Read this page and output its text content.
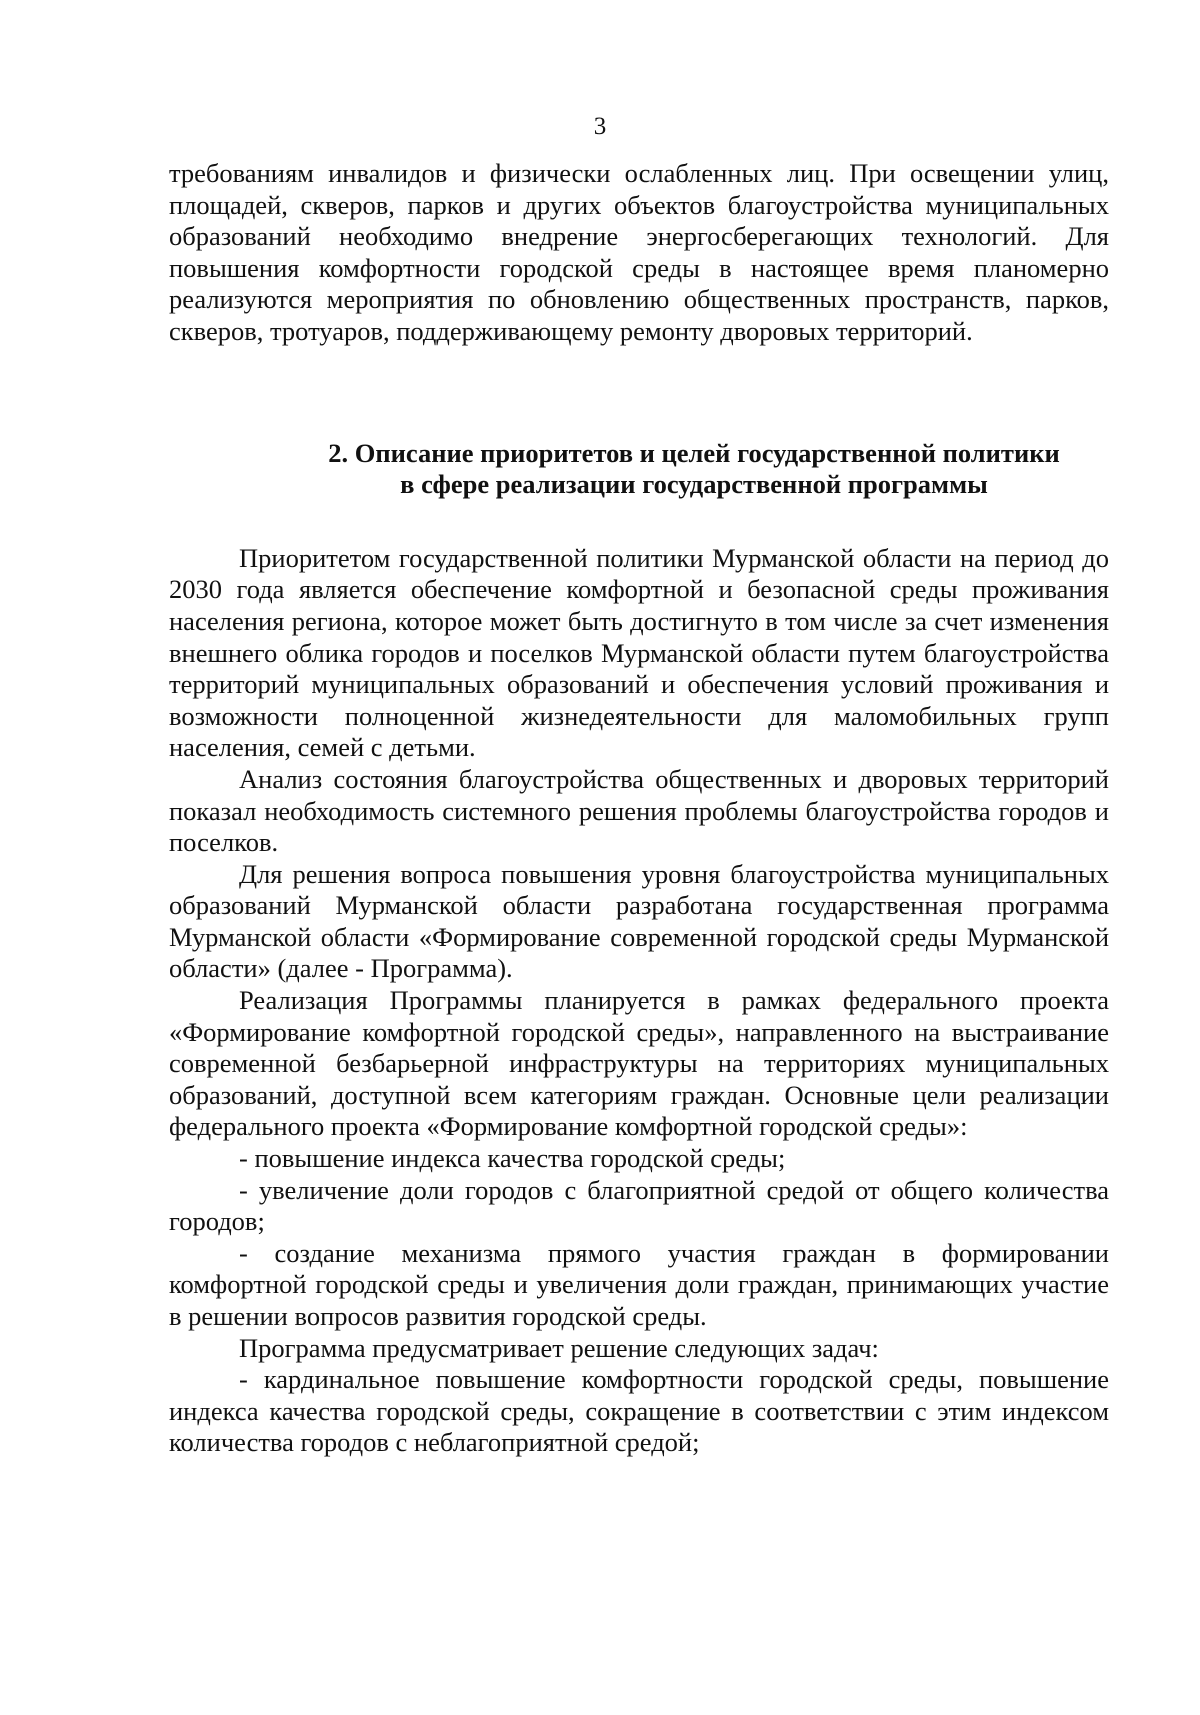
3

требованиям инвалидов и физически ослабленных лиц. При освещении улиц, площадей, скверов, парков и других объектов благоустройства муниципальных образований необходимо внедрение энергосберегающих технологий. Для повышения комфортности городской среды в настоящее время планомерно реализуются мероприятия по обновлению общественных пространств, парков, скверов, тротуаров, поддерживающему ремонту дворовых территорий.

2. Описание приоритетов и целей государственной политики
в сфере реализации государственной программы

Приоритетом государственной политики Мурманской области на период до 2030 года является обеспечение комфортной и безопасной среды проживания населения региона, которое может быть достигнуто в том числе за счет изменения внешнего облика городов и поселков Мурманской области путем благоустройства территорий муниципальных образований и обеспечения условий проживания и возможности полноценной жизнедеятельности для маломобильных групп населения, семей с детьми.

Анализ состояния благоустройства общественных и дворовых территорий показал необходимость системного решения проблемы благоустройства городов и поселков.

Для решения вопроса повышения уровня благоустройства муниципальных образований Мурманской области разработана государственная программа Мурманской области «Формирование современной городской среды Мурманской области» (далее - Программа).

Реализация Программы планируется в рамках федерального проекта «Формирование комфортной городской среды», направленного на выстраивание современной безбарьерной инфраструктуры на территориях муниципальных образований, доступной всем категориям граждан. Основные цели реализации федерального проекта «Формирование комфортной городской среды»:

- повышение индекса качества городской среды;

- увеличение доли городов с благоприятной средой от общего количества городов;

- создание механизма прямого участия граждан в формировании комфортной городской среды и увеличения доли граждан, принимающих участие в решении вопросов развития городской среды.

Программа предусматривает решение следующих задач:

- кардинальное повышение комфортности городской среды, повышение индекса качества городской среды, сокращение в соответствии с этим индексом количества городов с неблагоприятной средой;
